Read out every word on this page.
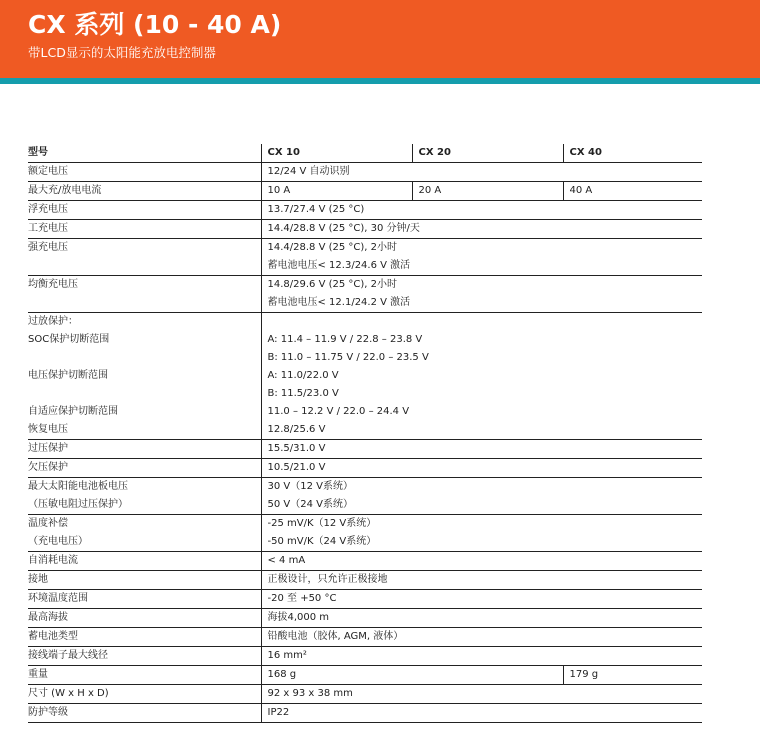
CX 系列 (10 - 40 A)
带LCD显示的太阳能充放电控制器
型号	CX 10	CX 20	CX 40
额定电压	12/24 V 自动识别		
最大充/放电电流	10 A	20 A	40 A
浮充电压	13.7/27.4 V (25 °C)		
工充电压	14.4/28.8 V (25 °C), 30 分钟/天		
强充电压	14.4/28.8 V (25 °C), 2小时		
	蓄电池电压< 12.3/24.6 V 激活		
均衡充电压	14.8/29.6 V (25 °C), 2小时		
	蓄电池电压< 12.1/24.2 V 激活		
过放保护：			
SOC保护切断范围	A: 11.4 – 11.9 V / 22.8 – 23.8 V		
	B: 11.0 – 11.75 V / 22.0 – 23.5 V		
电压保护切断范围	A: 11.0/22.0 V		
	B: 11.5/23.0 V		
自适应保护切断范围	11.0 – 12.2 V / 22.0 – 24.4 V		
恢复电压	12.8/25.6 V		
过压保护	15.5/31.0 V		
欠压保护	10.5/21.0 V		
最大太阳能电池板电压	30 V（12 V系统）		
（压敏电阻过压保护）	50 V（24 V系统）		
温度补偿	-25 mV/K（12 V系统）		
（充电电压）	-50 mV/K（24 V系统）		
自消耗电流	< 4 mA		
接地	正极设计，只允许正极接地		
环境温度范围	-20 至 +50 °C		
最高海拔	海拔4,000 m		
蓄电池类型	铅酸电池（胶体, AGM, 液体）		
接线端子最大线径	16 mm²		
重量	168 g		179 g
尺寸 (W x H x D)	92 x 93 x 38 mm		
防护等级	IP22		
